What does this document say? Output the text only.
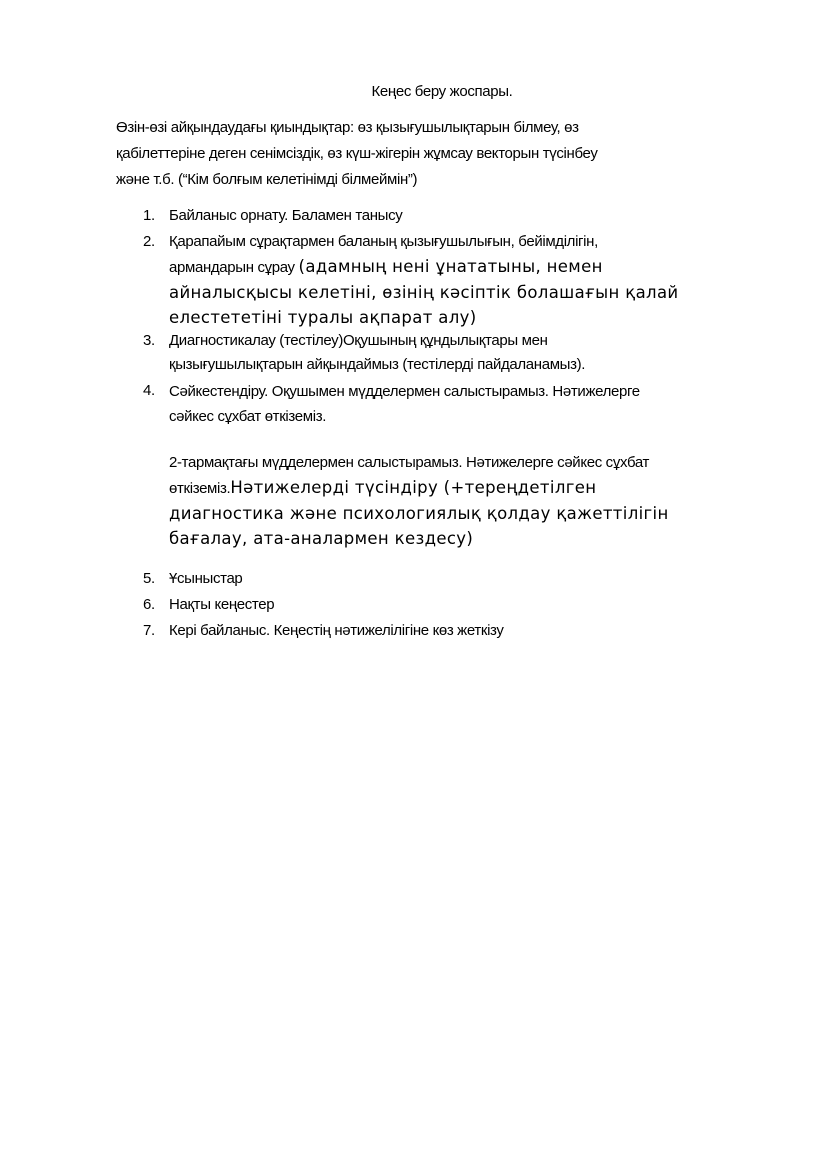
Кеңес беру жоспары.
Өзін-өзі айқындаудағы қиындықтар: өз қызығушылықтарын білмеу, өз
қабілеттеріне деген сенімсіздік, өз күш-жігерін жұмсау векторын түсінбеу
және т.б. (“Кім болғым келетінімді білмеймін”)
1. Байланыс орнату. Баламен танысу
2. Қарапайым сұрақтармен баланың қызығушылығын, бейімділігін,
армандарын сұрау (адамның нені ұнататыны, немен
айналысқысы келетіні, өзінің кәсіптік болашағын қалай
елестететіні туралы ақпарат алу)
3. Диагностикалау (тестілеу)Оқушының құндылықтары мен
қызығушылықтарын айқындаймыз (тестілерді пайдаланамыз).
4. Сәйкестендіру. Оқушымен мүдделермен салыстырамыз. Нәтижелерге
сәйкес сұхбат өткіземіз.
2-тармақтағы мүдделермен салыстырамыз. Нәтижелерге сәйкес сұхбат
өткіземіз.Нәтижелерді түсіндіру (+тереңдетілген
диагностика және психологиялық қолдау қажеттілігін
бағалау, ата-аналармен кездесу)
5. Ұсыныстар
6. Нақты кеңестер
7. Кері байланыс. Кеңестің нәтижелілігіне көз жеткізу
